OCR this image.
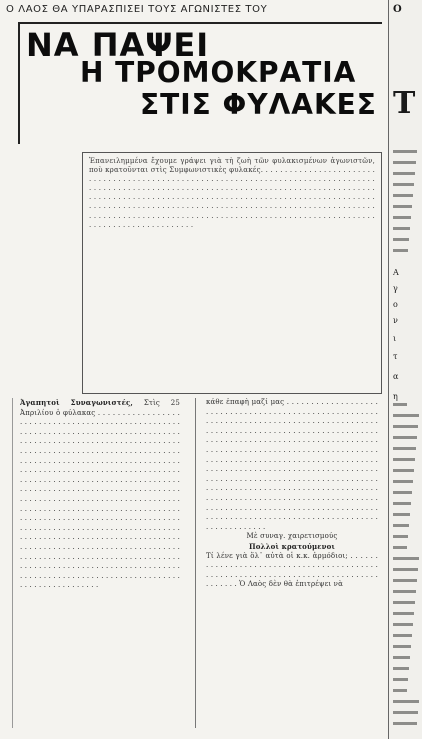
Ο
Τ
Α
γ
ο
ν
ι
τ
α
η
Ο ΛΑΟΣ ΘΑ ΥΠΑΡΑΣΠΙΣΕΙ ΤΟΥΣ ΑΓΩΝΙΣΤΕΣ ΤΟΥ
ΝΑ ΠΑΨΕΙ
Η ΤΡΟΜΟΚΡΑΤΙΑ
ΣΤΙΣ ΦΥΛΑΚΕΣ
Ἐπανειλημμένα ἔχουμε γράψει γιὰ τὴ ζωὴ τῶν φυλακισμένων ἀγωνιστῶν, ποὺ κρατοῦνται στὶς Συμφωνιστικὲς φυλακές. . . . . . . . . . . . . . . . . . . . . . . . . . . . . . . . . . . . . . . . . . . . . . . . . . . . . . . . . . . . . . . . . . . . . . . . . . . . . . . . . . . . . . . . . . . . . . . . . . . . . . . . . . . . . . . . . . . . . . . . . . . . . . . . . . . . . . . . . . . . . . . . . . . . . . . . . . . . . . . . . . . . . . . . . . . . . . . . . . . . . . . . . . . . . . . . . . . . . . . . . . . . . . . . . . . . . . . . . . . . . . . . . . . . . . . . . . . . . . . . . . . . . . . . . . . . . . . . . . . . . . . . . . . . . . . . . . . . . . . . . . . . . . . . . . . . . . . . . . . . . . . . . . . . . . . . . . . . . . . . . . . . . . . . . . . . . . . . . . . . .
Ἀγαπητοὶ Συναγωνιστές, Στὶς 25 Ἀπριλίου ὁ φύλακας . . . . . . . . . . . . . . . . . . . . . . . . . . . . . . . . . . . . . . . . . . . . . . . . . . . . . . . . . . . . . . . . . . . . . . . . . . . . . . . . . . . . . . . . . . . . . . . . . . . . . . . . . . . . . . . . . . . . . . . . . . . . . . . . . . . . . . . . . . . . . . . . . . . . . . . . . . . . . . . . . . . . . . . . . . . . . . . . . . . . . . . . . . . . . . . . . . . . . . . . . . . . . . . . . . . . . . . . . . . . . . . . . . . . . . . . . . . . . . . . . . . . . . . . . . . . . . . . . . . . . . . . . . . . . . . . . . . . . . . . . . . . . . . . . . . . . . . . . . . . . . . . . . . . . . . . . . . . . . . . . . . . . . . . . . . . . . . . . . . . . . . . . . . . . . . . . . . . . . . . . . . . . . . . . . . . . . . . . . . . . . . . . . . . . . . . . . . . . . . . . . . . . . . . . . . . . . . . . . . . . . . . . . . . . . . . . . . . . . . . . . . . . . . . . . . . . . . . . . . . . . . . . . . . . . . . . . . . . . . . . . . . . . . . . . . . . . . . . . . . . . . . . . . . . . . . . . . . . . . . . . . . . . . . . . . . . . . . . . . . . . . . . . . . . . . . . . . . . . . . . . . . . . . . . . . . . . . . . . . . . . . . . . . . . . . . . . . . . . . . . . . . . . . . . . . .
κάθε ἐπαφὴ μαζί μας . . . . . . . . . . . . . . . . . . . . . . . . . . . . . . . . . . . . . . . . . . . . . . . . . . . . . . . . . . . . . . . . . . . . . . . . . . . . . . . . . . . . . . . . . . . . . . . . . . . . . . . . . . . . . . . . . . . . . . . . . . . . . . . . . . . . . . . . . . . . . . . . . . . . . . . . . . . . . . . . . . . . . . . . . . . . . . . . . . . . . . . . . . . . . . . . . . . . . . . . . . . . . . . . . . . . . . . . . . . . . . . . . . . . . . . . . . . . . . . . . . . . . . . . . . . . . . . . . . . . . . . . . . . . . . . . . . . . . . . . . . . . . . . . . . . . . . . . . . . . . . . . . . . . . . . . . . . . . . . . . . . . . . . . . . . . . . . . . . . . . . . . . . . . . . . . . . . . . . . . . . . . . . . . . . . . . . . . . . . . . . . . . . . . . . . . . . . . . . . . . . . . . . . . . . . . . . . . . . . . . . . . . . . . . . . . . . . . . . . . . . . . . . . . . . . . . . . . . . . . . . . .
Μὲ συναγ. χαιρετισμούς
Πολλοὶ κρατούμενοι
Τί λένε γιὰ ὅλ᾽ αὐτὰ οἱ κ.κ. ἁρμόδιοι; . . . . . . . . . . . . . . . . . . . . . . . . . . . . . . . . . . . . . . . . . . . . . . . . . . . . . . . . . . . . . . . . . . . . . . . . . . . . . . . . . . . . . Ὁ Λαὸς δὲν θὰ ἐπιτρέψει νὰ
